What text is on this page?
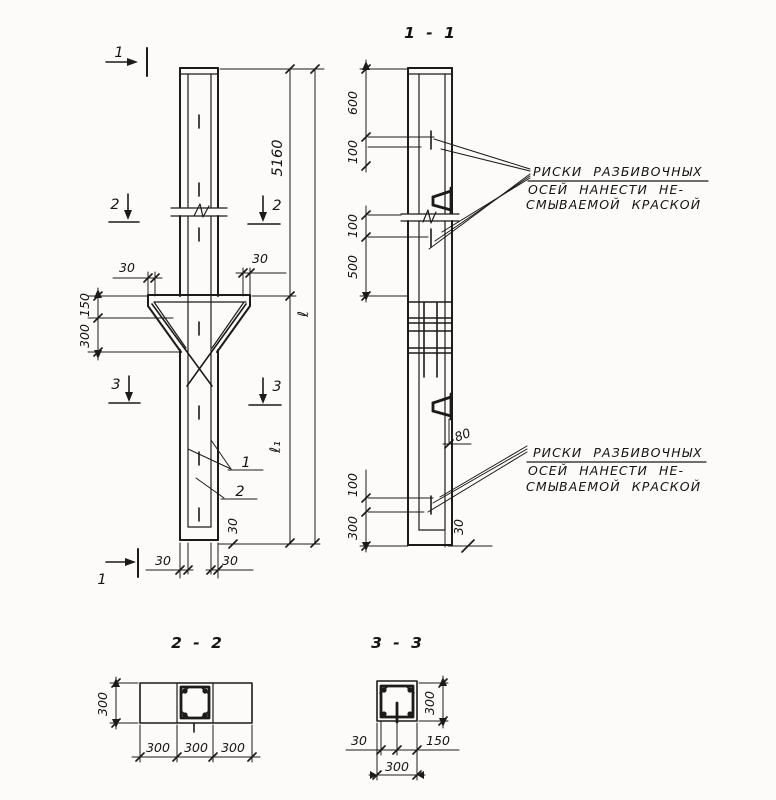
5160
ℓ
ℓ₁
30
30
30
150
300
1
1
2	2
3	3
1
2
30	30
1 - 1
80
600
100
100
500
100
300	30
РИСКИ РАЗБИВОЧНЫХ
ОСЕЙ НАНЕСТИ НЕ-
СМЫВАЕМОЙ КРАСКОЙ
РИСКИ РАЗБИВОЧНЫХ
ОСЕЙ НАНЕСТИ НЕ-
СМЫВАЕМОЙ КРАСКОЙ
2 - 2
300
300 300 300
3 - 3
300
30	150
300
